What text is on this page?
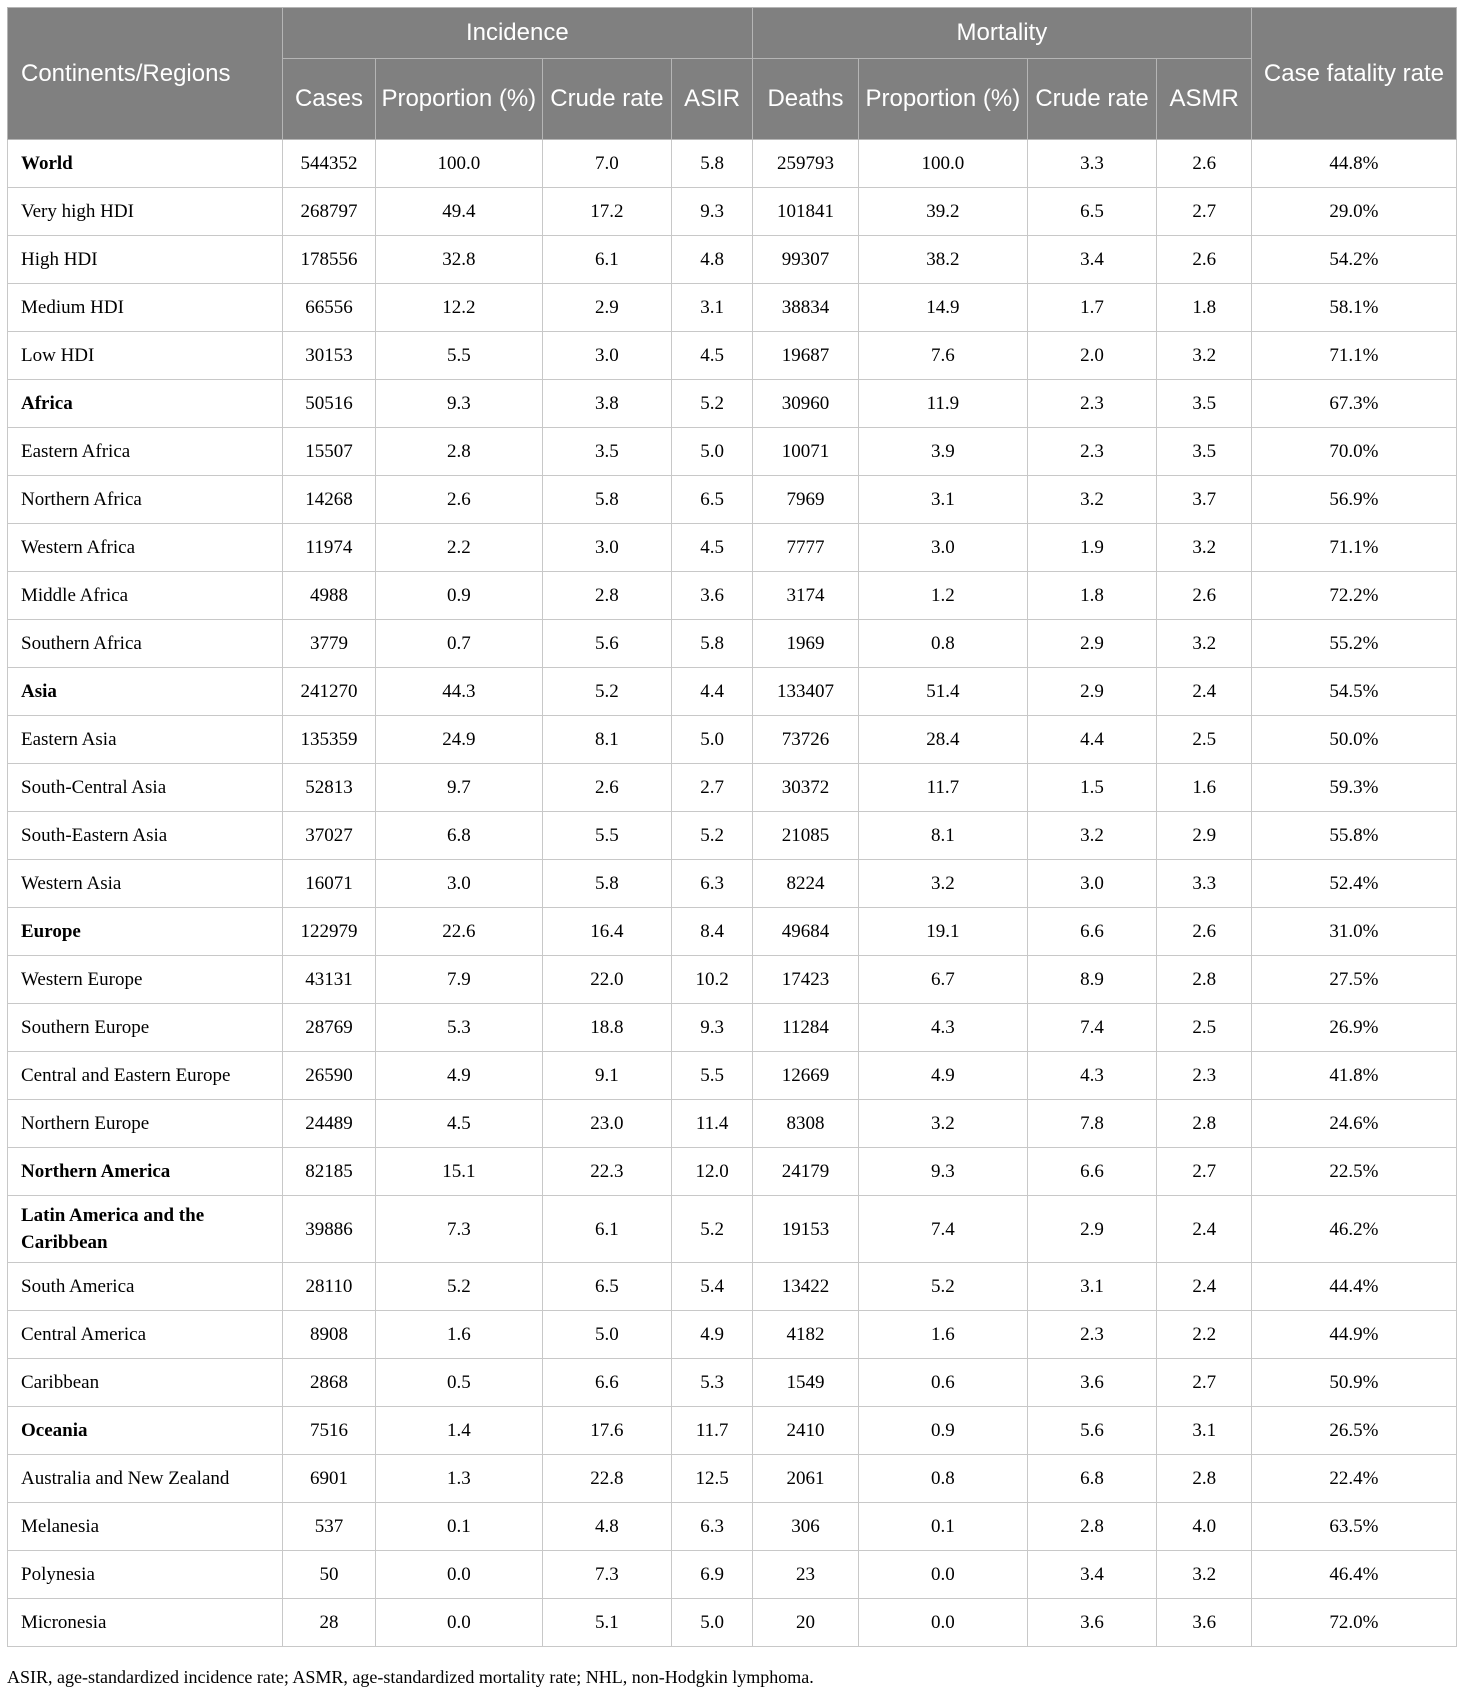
Continents/Regions	Incidence				Mortality				Case fatality rate
	Cases	Proportion (%)	Crude rate	ASIR	Deaths	Proportion (%)	Crude rate	ASMR	
World	544352	100.0	7.0	5.8	259793	100.0	3.3	2.6	44.8%
Very high HDI	268797	49.4	17.2	9.3	101841	39.2	6.5	2.7	29.0%
High HDI	178556	32.8	6.1	4.8	99307	38.2	3.4	2.6	54.2%
Medium HDI	66556	12.2	2.9	3.1	38834	14.9	1.7	1.8	58.1%
Low HDI	30153	5.5	3.0	4.5	19687	7.6	2.0	3.2	71.1%
Africa	50516	9.3	3.8	5.2	30960	11.9	2.3	3.5	67.3%
Eastern Africa	15507	2.8	3.5	5.0	10071	3.9	2.3	3.5	70.0%
Northern Africa	14268	2.6	5.8	6.5	7969	3.1	3.2	3.7	56.9%
Western Africa	11974	2.2	3.0	4.5	7777	3.0	1.9	3.2	71.1%
Middle Africa	4988	0.9	2.8	3.6	3174	1.2	1.8	2.6	72.2%
Southern Africa	3779	0.7	5.6	5.8	1969	0.8	2.9	3.2	55.2%
Asia	241270	44.3	5.2	4.4	133407	51.4	2.9	2.4	54.5%
Eastern Asia	135359	24.9	8.1	5.0	73726	28.4	4.4	2.5	50.0%
South-Central Asia	52813	9.7	2.6	2.7	30372	11.7	1.5	1.6	59.3%
South-Eastern Asia	37027	6.8	5.5	5.2	21085	8.1	3.2	2.9	55.8%
Western Asia	16071	3.0	5.8	6.3	8224	3.2	3.0	3.3	52.4%
Europe	122979	22.6	16.4	8.4	49684	19.1	6.6	2.6	31.0%
Western Europe	43131	7.9	22.0	10.2	17423	6.7	8.9	2.8	27.5%
Southern Europe	28769	5.3	18.8	9.3	11284	4.3	7.4	2.5	26.9%
Central and Eastern Europe	26590	4.9	9.1	5.5	12669	4.9	4.3	2.3	41.8%
Northern Europe	24489	4.5	23.0	11.4	8308	3.2	7.8	2.8	24.6%
Northern America	82185	15.1	22.3	12.0	24179	9.3	6.6	2.7	22.5%
Latin America and the Caribbean	39886	7.3	6.1	5.2	19153	7.4	2.9	2.4	46.2%
South America	28110	5.2	6.5	5.4	13422	5.2	3.1	2.4	44.4%
Central America	8908	1.6	5.0	4.9	4182	1.6	2.3	2.2	44.9%
Caribbean	2868	0.5	6.6	5.3	1549	0.6	3.6	2.7	50.9%
Oceania	7516	1.4	17.6	11.7	2410	0.9	5.6	3.1	26.5%
Australia and New Zealand	6901	1.3	22.8	12.5	2061	0.8	6.8	2.8	22.4%
Melanesia	537	0.1	4.8	6.3	306	0.1	2.8	4.0	63.5%
Polynesia	50	0.0	7.3	6.9	23	0.0	3.4	3.2	46.4%
Micronesia	28	0.0	5.1	5.0	20	0.0	3.6	3.6	72.0%
ASIR, age-standardized incidence rate; ASMR, age-standardized mortality rate; NHL, non-Hodgkin lymphoma.
